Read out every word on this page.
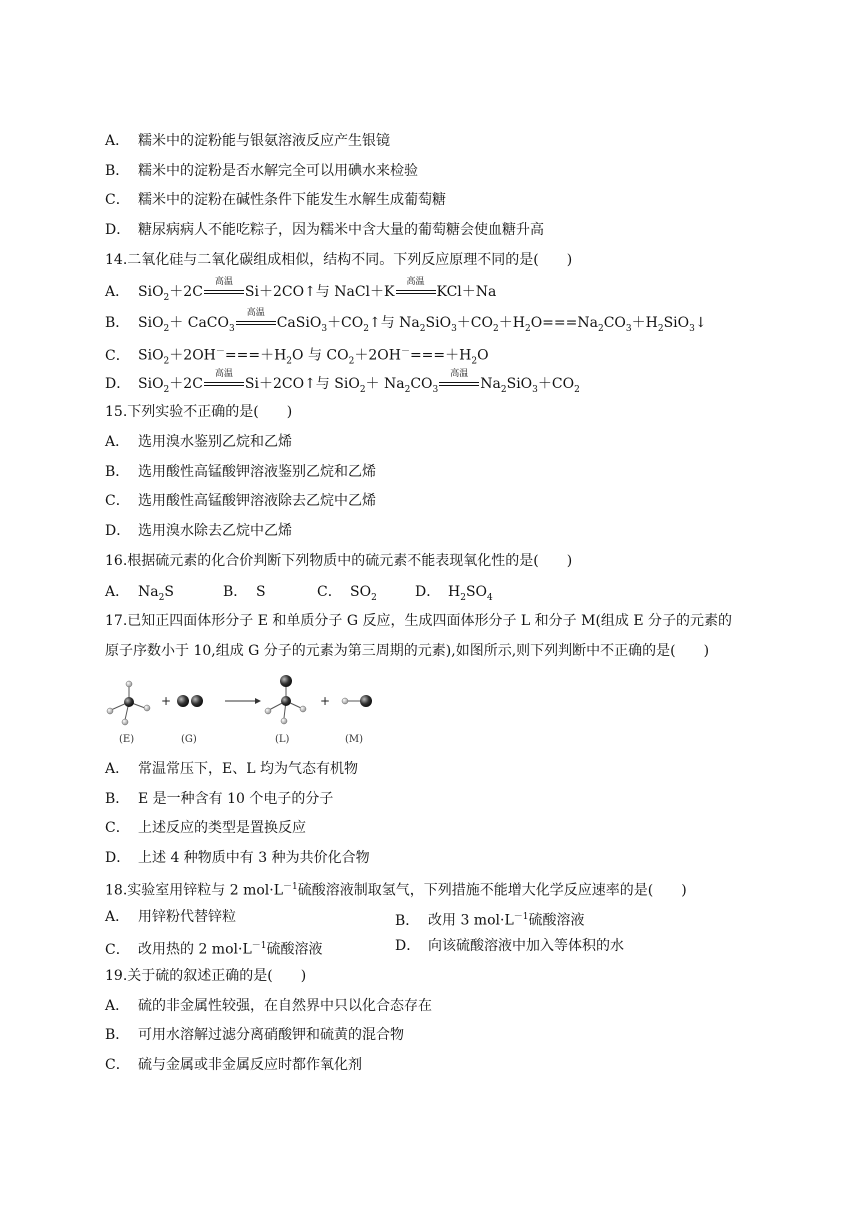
A． 糯米中的淀粉能与银氨溶液反应产生银镜
B． 糯米中的淀粉是否水解完全可以用碘水来检验
C． 糯米中的淀粉在碱性条件下能发生水解生成葡萄糖
D． 糖尿病病人不能吃粽子，因为糯米中含大量的葡萄糖会使血糖升高
14.二氧化硅与二氧化碳组成相似，结构不同。下列反应原理不同的是(　　)
A． SiO$_2$＋2C
高温
Si＋2CO↑与 NaCl＋K
高温
KCl＋Na
B． SiO$_2$＋ CaCO$_3$
高温
$CaSiO_3+CO_2↑$与 $Na_2SiO_3+CO_2+H_2O===Na_2CO_3+H_2SiO_3↓$
C． $SiO_2+2OH^-===+H_2O$ 与 $CO_2+2OH^-===+H_2O$
D． SiO$_2$＋2C
高温
Si＋2CO↑与 $SiO_2+ Na_2CO_3$
高温
$Na_2SiO_3+CO_2$
15.下列实验不正确的是(　　)
A． 选用溴水鉴别乙烷和乙烯
B． 选用酸性高锰酸钾溶液鉴别乙烷和乙烯
C． 选用酸性高锰酸钾溶液除去乙烷中乙烯
D． 选用溴水除去乙烷中乙烯
16.根据硫元素的化合价判断下列物质中的硫元素不能表现氧化性的是(　　)
A． $Na_2S$	B． S	C． $SO_2$	D． $H_2SO_4$
17.已知正四面体形分子 E 和单质分子 G 反应，生成四面体形分子 L 和分子 M(组成 E 分子的元素的
原子序数小于 10,组成 G 分子的元素为第三周期的元素),如图所示,则下列判断中不正确的是(　　)
+	+
(E)	(G)	(L)	(M)
A． 常温常压下，E、L 均为气态有机物
B． E 是一种含有 10 个电子的分子
C． 上述反应的类型是置换反应
D． 上述 4 种物质中有 3 种为共价化合物
18.实验室用锌粒与 2 $mol\cdot L^{-1}$硫酸溶液制取氢气，下列措施不能增大化学反应速率的是(　　)
A． 用锌粉代替锌粒	B． 改用 3 $mol\cdot L^{-1}$硫酸溶液
C． 改用热的 2 $mol\cdot L^{-1}$硫酸溶液	D． 向该硫酸溶液中加入等体积的水
19.关于硫的叙述正确的是(　　)
A． 硫的非金属性较强，在自然界中只以化合态存在
B． 可用水溶解过滤分离硝酸钾和硫黄的混合物
C． 硫与金属或非金属反应时都作氧化剂
